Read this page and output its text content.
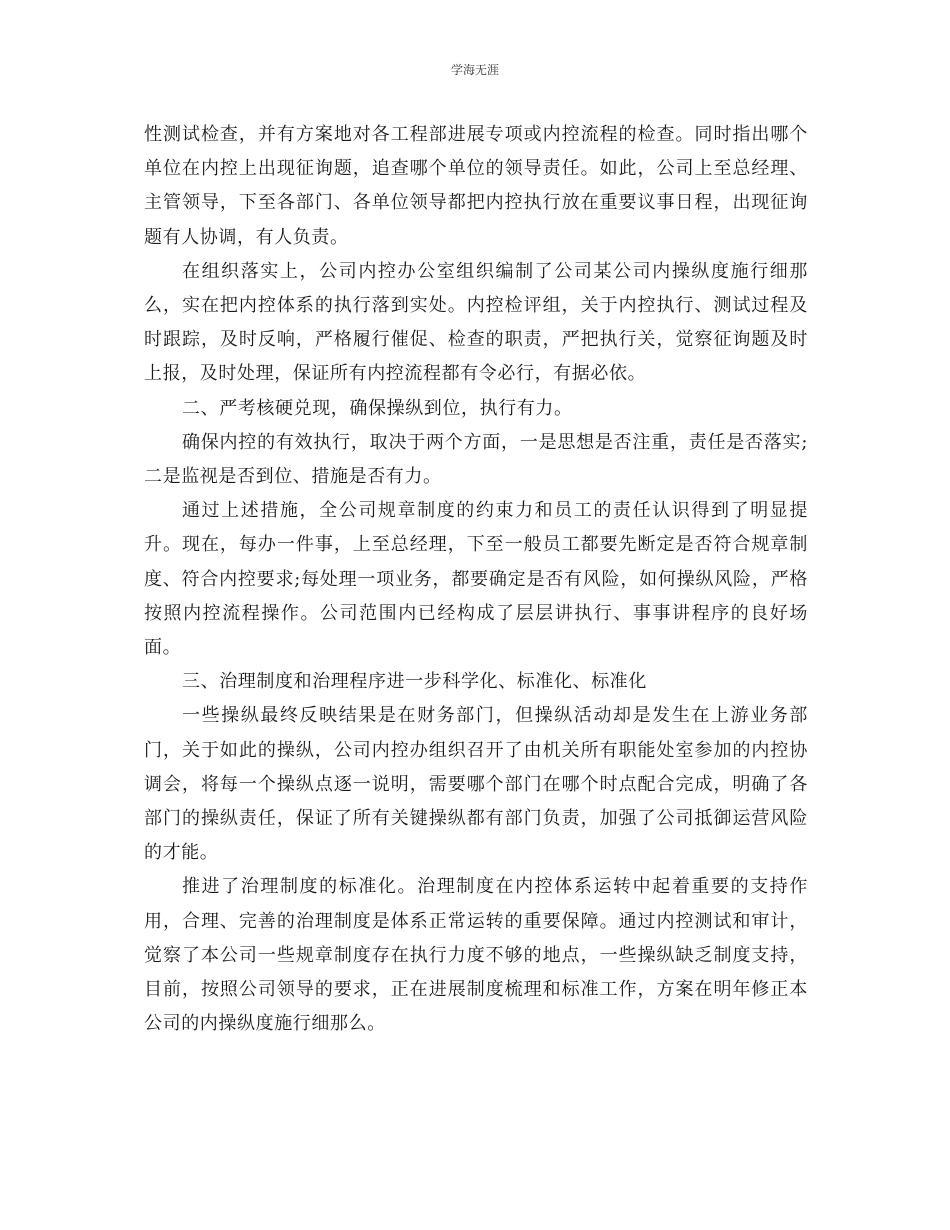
学海无涯

性测试检查，并有方案地对各工程部进展专项或内控流程的检查。同时指出哪个单位在内控上出现征询题，追查哪个单位的领导责任。如此，公司上至总经理、主管领导，下至各部门、各单位领导都把内控执行放在重要议事日程，出现征询题有人协调，有人负责。

在组织落实上，公司内控办公室组织编制了公司某公司内操纵度施行细那么，实在把内控体系的执行落到实处。内控检评组，关于内控执行、测试过程及时跟踪，及时反响，严格履行催促、检查的职责，严把执行关，觉察征询题及时上报，及时处理，保证所有内控流程都有令必行，有据必依。

二、严考核硬兑现，确保操纵到位，执行有力。

确保内控的有效执行，取决于两个方面，一是思想是否注重，责任是否落实;二是监视是否到位、措施是否有力。

通过上述措施，全公司规章制度的约束力和员工的责任认识得到了明显提升。现在，每办一件事，上至总经理，下至一般员工都要先断定是否符合规章制度、符合内控要求;每处理一项业务，都要确定是否有风险，如何操纵风险，严格按照内控流程操作。公司范围内已经构成了层层讲执行、事事讲程序的良好场面。

三、治理制度和治理程序进一步科学化、标准化、标准化

一些操纵最终反映结果是在财务部门，但操纵活动却是发生在上游业务部门，关于如此的操纵，公司内控办组织召开了由机关所有职能处室参加的内控协调会，将每一个操纵点逐一说明，需要哪个部门在哪个时点配合完成，明确了各部门的操纵责任，保证了所有关键操纵都有部门负责，加强了公司抵御运营风险的才能。

推进了治理制度的标准化。治理制度在内控体系运转中起着重要的支持作用，合理、完善的治理制度是体系正常运转的重要保障。通过内控测试和审计，觉察了本公司一些规章制度存在执行力度不够的地点，一些操纵缺乏制度支持，目前，按照公司领导的要求，正在进展制度梳理和标准工作，方案在明年修正本公司的内操纵度施行细那么。
